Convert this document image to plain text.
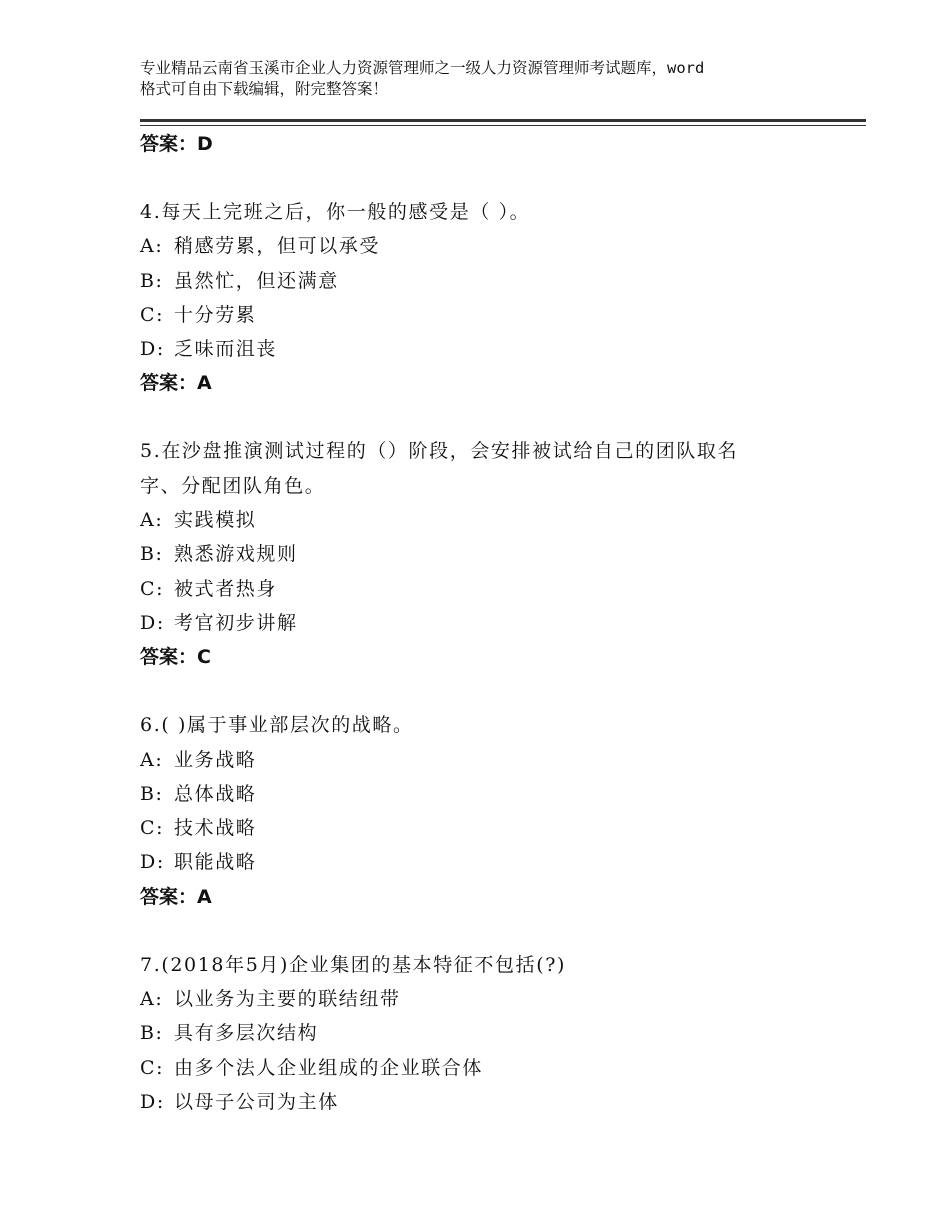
专业精品云南省玉溪市企业人力资源管理师之一级人力资源管理师考试题库，word
格式可自由下载编辑，附完整答案！
答案：D
4.每天上完班之后，你一般的感受是（ ）。
A: 稍感劳累，但可以承受
B: 虽然忙，但还满意
C: 十分劳累
D: 乏味而沮丧
答案：A
5.在沙盘推演测试过程的（）阶段，会安排被试给自己的团队取名
字、分配团队角色。
A: 实践模拟
B: 熟悉游戏规则
C: 被式者热身
D: 考官初步讲解
答案：C
6.( )属于事业部层次的战略。
A: 业务战略
B: 总体战略
C: 技术战略
D: 职能战略
答案：A
7.(2018年5月)企业集团的基本特征不包括(?)
A: 以业务为主要的联结纽带
B: 具有多层次结构
C: 由多个法人企业组成的企业联合体
D: 以母子公司为主体
